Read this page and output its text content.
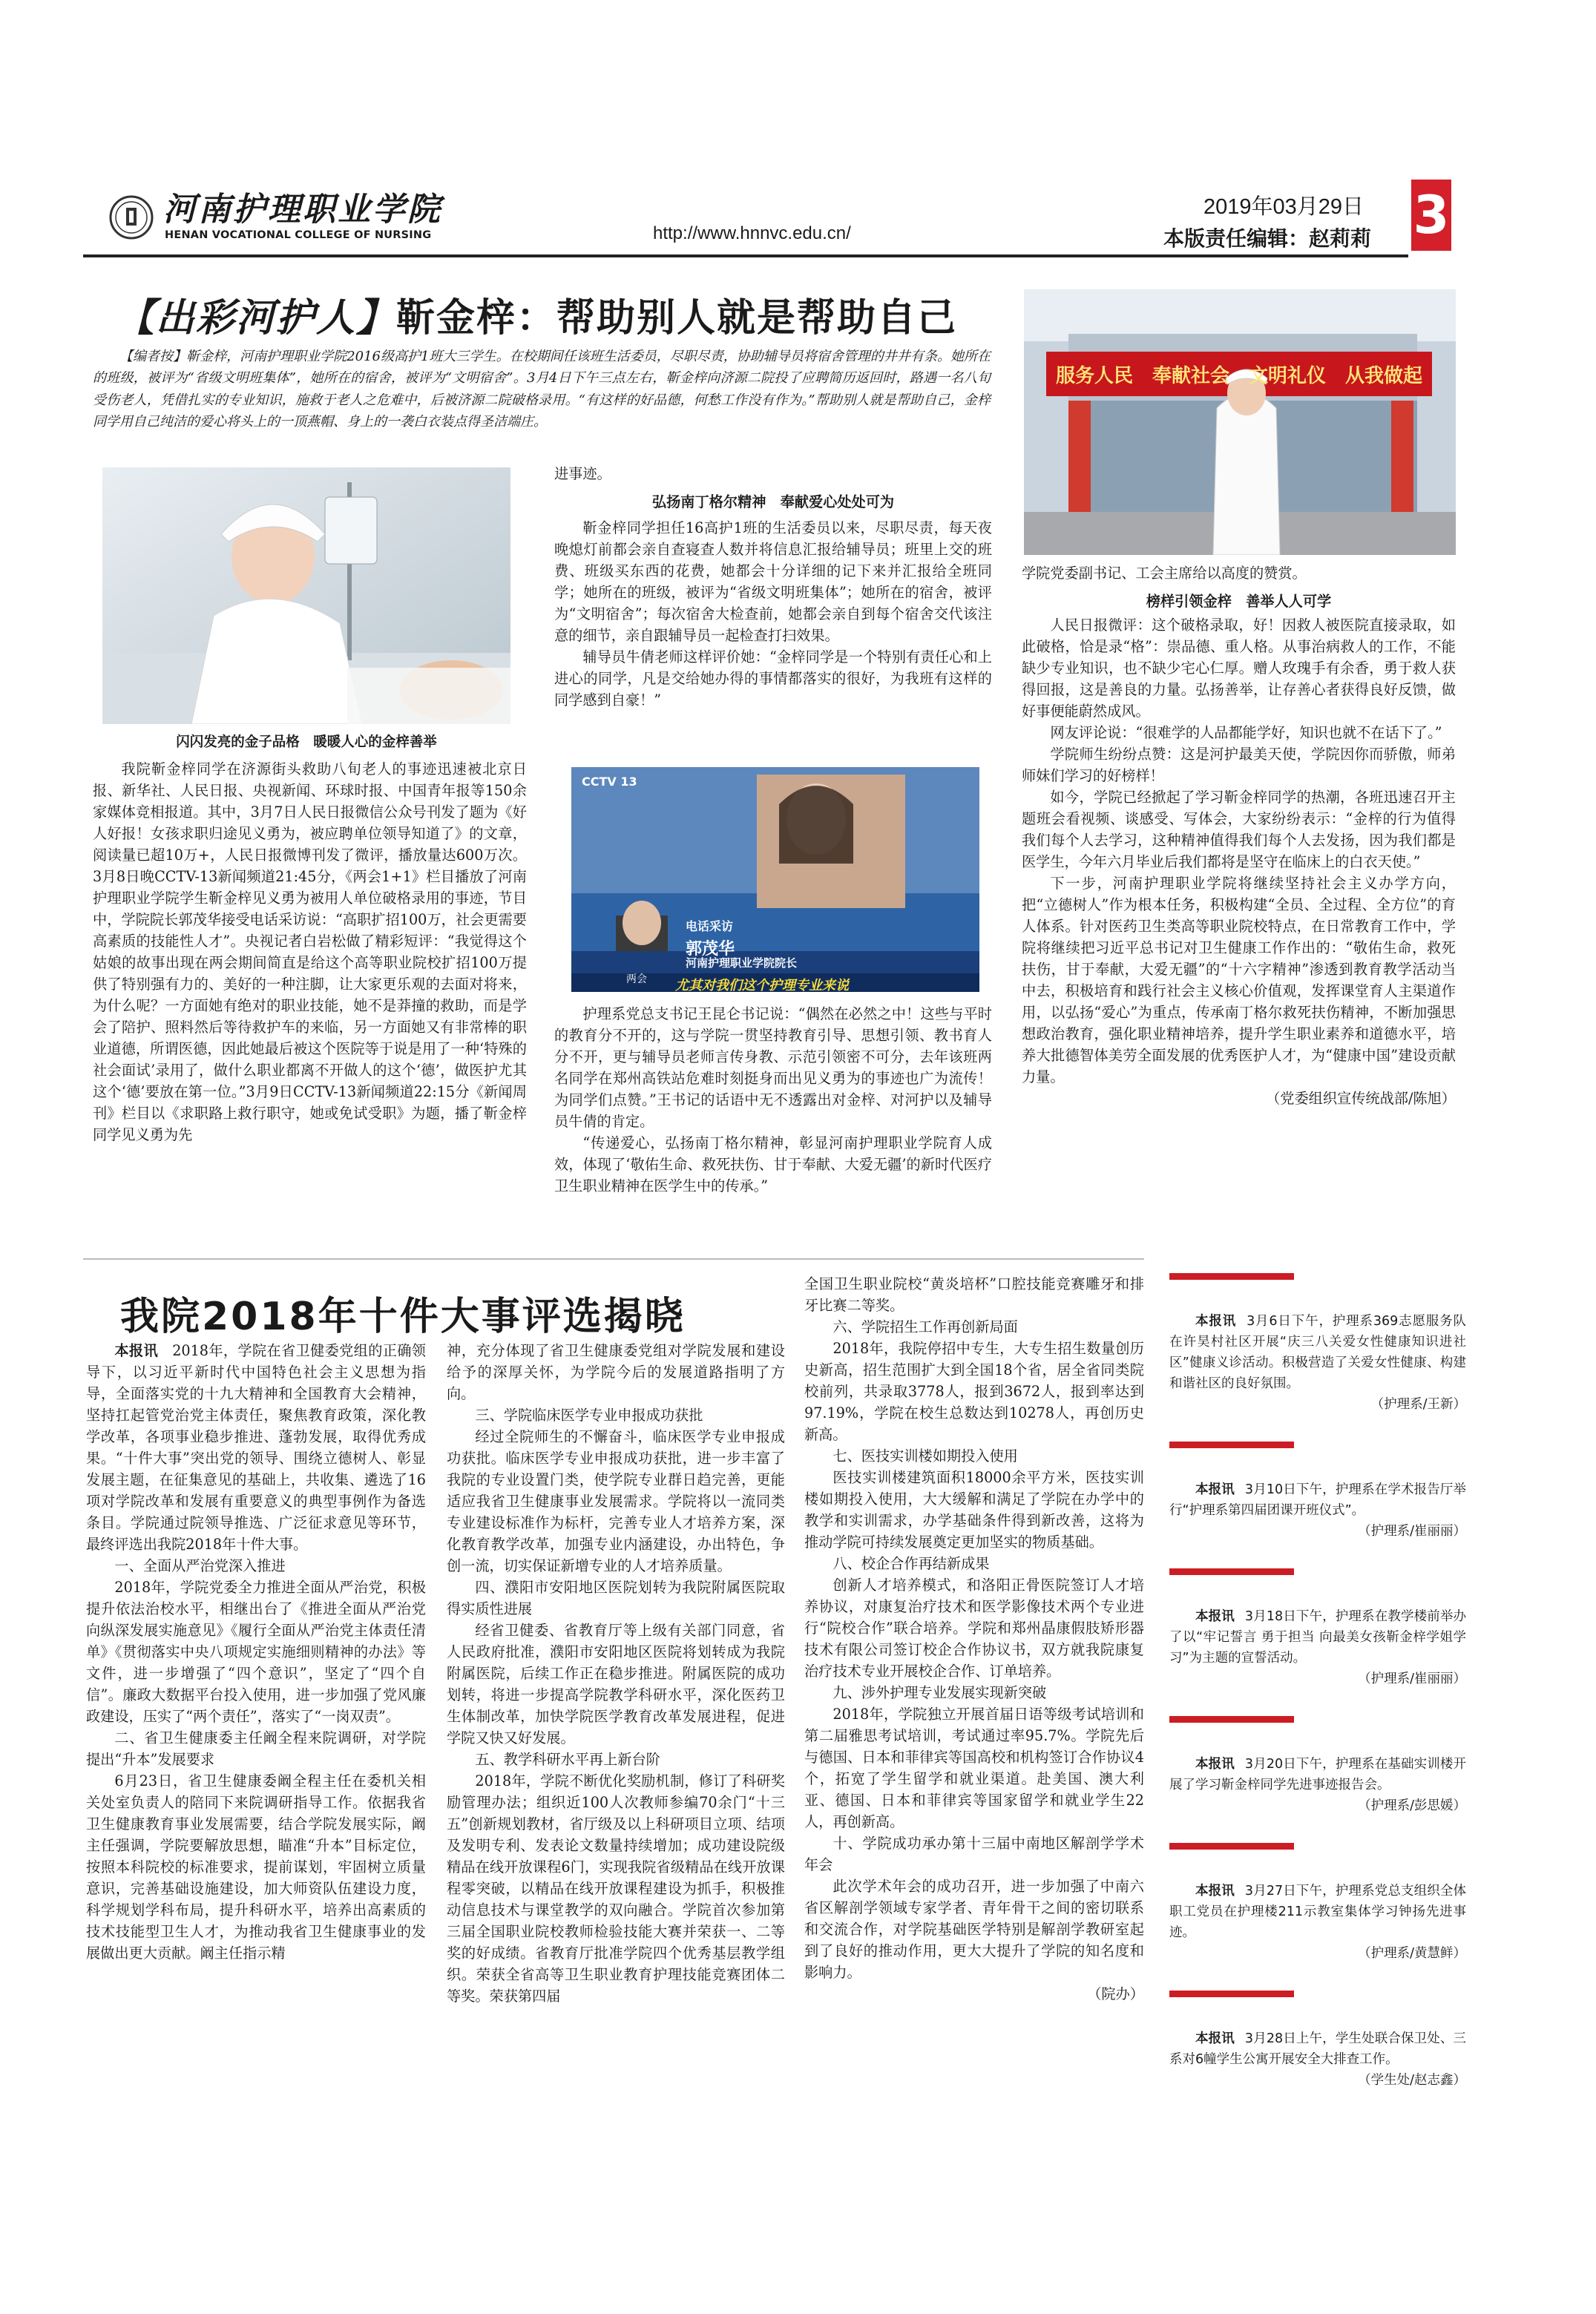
河南护理职业学院
HENAN VOCATIONAL COLLEGE OF NURSING	http://www.hnnvc.edu.cn/
2019年03月29日
本版责任编辑：赵莉莉 3
【出彩河护人】靳金梓：帮助别人就是帮助自己
【编者按】靳金梓，河南护理职业学院2016级高护1班大三学生。在校期间任该班生活委员，尽职尽责，协助辅导员将宿舍管理的井井有条。她所在的班级，被评为“省级文明班集体”，她所在的宿舍，被评为“文明宿舍”。3月4日下午三点左右，靳金梓向济源二院投了应聘简历返回时，路遇一名八旬受伤老人，凭借扎实的专业知识，施救于老人之危难中，后被济源二院破格录用。“有这样的好品德，何愁工作没有作为。”帮助别人就是帮助自己，金梓同学用自己纯洁的爱心将头上的一顶燕帽、身上的一袭白衣装点得圣洁端庄。
闪闪发亮的金子品格　暖暖人心的金梓善举

我院靳金梓同学在济源街头救助八旬老人的事迹迅速被北京日报、新华社、人民日报、央视新闻、环球时报、中国青年报等150余家媒体竞相报道。其中，3月7日人民日报微信公众号刊发了题为《好人好报！女孩求职归途见义勇为，被应聘单位领导知道了》的文章，阅读量已超10万+，人民日报微博刊发了微评，播放量达600万次。3月8日晚CCTV-13新闻频道21:45分，《两会1+1》栏目播放了河南护理职业学院学生靳金梓见义勇为被用人单位破格录用的事迹，节目中，学院院长郭茂华接受电话采访说：“高职扩招100万，社会更需要高素质的技能性人才”。央视记者白岩松做了精彩短评：“我觉得这个姑娘的故事出现在两会期间简直是给这个高等职业院校扩招100万提供了特别强有力的、美好的一种注脚，让大家更乐观的去面对将来，为什么呢？一方面她有绝对的职业技能，她不是莽撞的救助，而是学会了陪护、照料然后等待救护车的来临，另一方面她又有非常棒的职业道德，所谓医德，因此她最后被这个医院等于说是用了一种‘特殊的社会面试’录用了，做什么职业都离不开做人的这个‘德’，做医护尤其这个‘德’要放在第一位。”3月9日CCTV-13新闻频道22:15分《新闻周刊》栏目以《求职路上救行职守，她或免试受职》为题，播了靳金梓同学见义勇为先

进事迹。

弘扬南丁格尔精神　奉献爱心处处可为

靳金梓同学担任16高护1班的生活委员以来，尽职尽责，每天夜晚熄灯前都会亲自查寝查人数并将信息汇报给辅导员；班里上交的班费、班级买东西的花费，她都会十分详细的记下来并汇报给全班同学；她所在的班级，被评为“省级文明班集体”；她所在的宿舍，被评为“文明宿舍”；每次宿舍大检查前，她都会亲自到每个宿舍交代该注意的细节，亲自跟辅导员一起检查打扫效果。

辅导员牛倩老师这样评价她：“金梓同学是一个特别有责任心和上进心的同学，凡是交给她办得的事情都落实的很好，为我班有这样的同学感到自豪！”

CCTV 13
电话采访
郭茂华
河南护理职业学院院长
两会 尤其对我们这个护理专业来说

护理系党总支书记王昆仑书记说：“偶然在必然之中！这些与平时的教育分不开的，这与学院一贯坚持教育引导、思想引领、教书育人分不开，更与辅导员老师言传身教、示范引领密不可分，去年该班两名同学在郑州高铁站危难时刻挺身而出见义勇为的事迹也广为流传！为同学们点赞。”王书记的话语中无不透露出对金梓、对河护以及辅导员牛倩的肯定。

“传递爱心，弘扬南丁格尔精神，彰显河南护理职业学院育人成效，体现了‘敬佑生命、救死扶伤、甘于奉献、大爱无疆’的新时代医疗卫生职业精神在医学生中的传承。”

服务人民　奉献社会　文明礼仪　从我做起

学院党委副书记、工会主席给以高度的赞赏。

榜样引领金梓　善举人人可学

人民日报微评：这个破格录取，好！因救人被医院直接录取，如此破格，恰是录“格”：崇品德、重人格。从事治病救人的工作，不能缺少专业知识，也不缺少宅心仁厚。赠人玫瑰手有余香，勇于救人获得回报，这是善良的力量。弘扬善举，让存善心者获得良好反馈，做好事便能蔚然成风。

网友评论说：“很难学的人品都能学好，知识也就不在话下了。”

学院师生纷纷点赞：这是河护最美天使，学院因你而骄傲，师弟师妹们学习的好榜样！

如今，学院已经掀起了学习靳金梓同学的热潮，各班迅速召开主题班会看视频、谈感受、写体会，大家纷纷表示：“金梓的行为值得我们每个人去学习，这种精神值得我们每个人去发扬，因为我们都是医学生，今年六月毕业后我们都将是坚守在临床上的白衣天使。”

下一步，河南护理职业学院将继续坚持社会主义办学方向，把“立德树人”作为根本任务，积极构建“全员、全过程、全方位”的育人体系。针对医药卫生类高等职业院校特点，在日常教育工作中，学院将继续把习近平总书记对卫生健康工作作出的：“敬佑生命，救死扶伤，甘于奉献，大爱无疆”的“十六字精神”渗透到教育教学活动当中去，积极培育和践行社会主义核心价值观，发挥课堂育人主渠道作用，以弘扬“爱心”为重点，传承南丁格尔救死扶伤精神，不断加强思想政治教育，强化职业精神培养，提升学生职业素养和道德水平，培养大批德智体美劳全面发展的优秀医护人才，为“健康中国”建设贡献力量。

（党委组织宣传统战部/陈旭）

我院2018年十件大事评选揭晓

本报讯 2018年，学院在省卫健委党组的正确领导下，以习近平新时代中国特色社会主义思想为指导，全面落实党的十九大精神和全国教育大会精神，坚持扛起管党治党主体责任，聚焦教育政策，深化教学改革，各项事业稳步推进、蓬勃发展，取得优秀成果。“十件大事”突出党的领导、围绕立德树人、彰显发展主题，在征集意见的基础上，共收集、遴选了16项对学院改革和发展有重要意义的典型事例作为备选条目。学院通过院领导推选、广泛征求意见等环节，最终评选出我院2018年十件大事。

一、全面从严治党深入推进

2018年，学院党委全力推进全面从严治党，积极提升依法治校水平，相继出台了《推进全面从严治党向纵深发展实施意见》《履行全面从严治党主体责任清单》《贯彻落实中央八项规定实施细则精神的办法》等文件，进一步增强了“四个意识”，坚定了“四个自信”。廉政大数据平台投入使用，进一步加强了党风廉政建设，压实了“两个责任”，落实了“一岗双责”。

二、省卫生健康委主任阚全程来院调研，对学院提出“升本”发展要求

6月23日，省卫生健康委阚全程主任在委机关相关处室负责人的陪同下来院调研指导工作。依据我省卫生健康教育事业发展需要，结合学院发展实际，阚主任强调，学院要解放思想，瞄准“升本”目标定位，按照本科院校的标准要求，提前谋划，牢固树立质量意识，完善基础设施建设，加大师资队伍建设力度，科学规划学科布局，提升科研水平，培养出高素质的技术技能型卫生人才，为推动我省卫生健康事业的发展做出更大贡献。阚主任指示精

神，充分体现了省卫生健康委党组对学院发展和建设给予的深厚关怀，为学院今后的发展道路指明了方向。

三、学院临床医学专业申报成功获批

经过全院师生的不懈奋斗，临床医学专业申报成功获批。临床医学专业申报成功获批，进一步丰富了我院的专业设置门类，使学院专业群日趋完善，更能适应我省卫生健康事业发展需求。学院将以一流同类专业建设标准作为标杆，完善专业人才培养方案，深化教育教学改革，加强专业内涵建设，办出特色，争创一流，切实保证新增专业的人才培养质量。

四、濮阳市安阳地区医院划转为我院附属医院取得实质性进展

经省卫健委、省教育厅等上级有关部门同意，省人民政府批准，濮阳市安阳地区医院将划转成为我院附属医院，后续工作正在稳步推进。附属医院的成功划转，将进一步提高学院教学科研水平，深化医药卫生体制改革，加快学院医学教育改革发展进程，促进学院又快又好发展。

五、教学科研水平再上新台阶

2018年，学院不断优化奖励机制，修订了科研奖励管理办法；组织近100人次教师参编70余门“十三五”创新规划教材，省厅级及以上科研项目立项、结项及发明专利、发表论文数量持续增加；成功建设院级精品在线开放课程6门，实现我院省级精品在线开放课程零突破，以精品在线开放课程建设为抓手，积极推动信息技术与课堂教学的双向融合。学院首次参加第三届全国职业院校教师检验技能大赛并荣获一、二等奖的好成绩。省教育厅批准学院四个优秀基层教学组织。荣获全省高等卫生职业教育护理技能竞赛团体二等奖。荣获第四届

全国卫生职业院校“黄炎培杯”口腔技能竞赛雕牙和排牙比赛二等奖。

六、学院招生工作再创新局面

2018年，我院停招中专生，大专生招生数量创历史新高，招生范围扩大到全国18个省，居全省同类院校前列，共录取3778人，报到3672人，报到率达到97.19%，学院在校生总数达到10278人，再创历史新高。

七、医技实训楼如期投入使用

医技实训楼建筑面积18000余平方米，医技实训楼如期投入使用，大大缓解和满足了学院在办学中的教学和实训需求，办学基础条件得到新改善，这将为推动学院可持续发展奠定更加坚实的物质基础。

八、校企合作再结新成果

创新人才培养模式，和洛阳正骨医院签订人才培养协议，对康复治疗技术和医学影像技术两个专业进行“院校合作”联合培养。学院和郑州晶康假肢矫形器技术有限公司签订校企合作协议书，双方就我院康复治疗技术专业开展校企合作、订单培养。

九、涉外护理专业发展实现新突破

2018年，学院独立开展首届日语等级考试培训和第二届雅思考试培训，考试通过率95.7%。学院先后与德国、日本和菲律宾等国高校和机构签订合作协议4个，拓宽了学生留学和就业渠道。赴美国、澳大利亚、德国、日本和菲律宾等国家留学和就业学生22人，再创新高。

十、学院成功承办第十三届中南地区解剖学学术年会

此次学术年会的成功召开，进一步加强了中南六省区解剖学领域专家学者、青年骨干之间的密切联系和交流合作，对学院基础医学特别是解剖学教研室起到了良好的推动作用，更大大提升了学院的知名度和影响力。

（院办）

本报讯 3月6日下午，护理系369志愿服务队在许昊村社区开展“庆三八关爱女性健康知识进社区”健康义诊活动。积极营造了关爱女性健康、构建和谐社区的良好氛围。
（护理系/王新）
本报讯 3月10日下午，护理系在学术报告厅举行“护理系第四届团课开班仪式”。
（护理系/崔丽丽）
本报讯 3月18日下午，护理系在教学楼前举办了以“牢记誓言 勇于担当 向最美女孩靳金梓学姐学习”为主题的宣誓活动。
（护理系/崔丽丽）
本报讯 3月20日下午，护理系在基础实训楼开展了学习靳金梓同学先进事迹报告会。
（护理系/彭思媛）
本报讯 3月27日下午，护理系党总支组织全体职工党员在护理楼211示教室集体学习钟扬先进事迹。
（护理系/黄慧鲜）
本报讯 3月28日上午，学生处联合保卫处、三系对6幢学生公寓开展安全大排查工作。
（学生处/赵志鑫）
